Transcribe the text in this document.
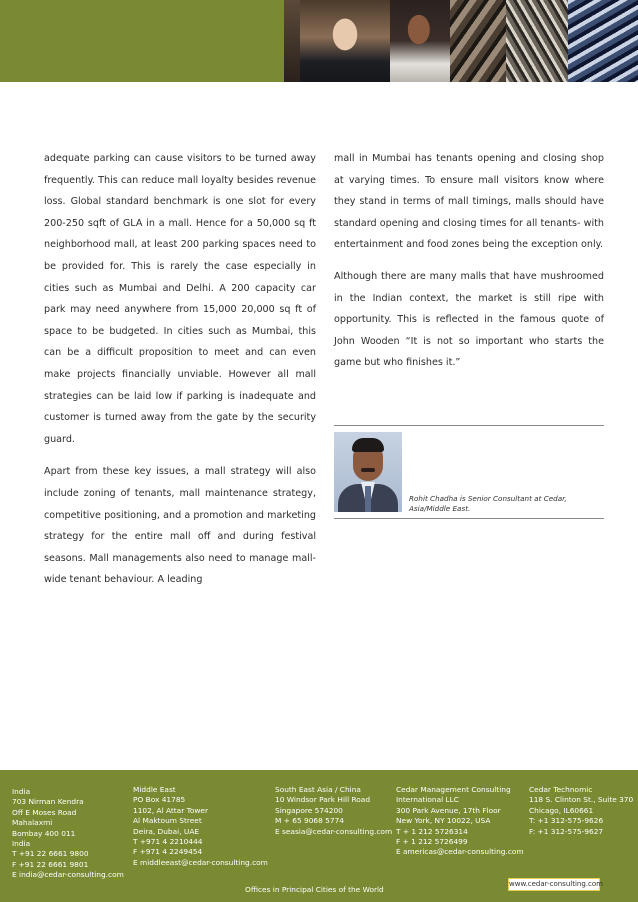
adequate parking can cause visitors to be turned away frequently. This can reduce mall loyalty besides revenue loss. Global standard benchmark is one slot for every 200-250 sqft of GLA in a mall. Hence for a 50,000 sq ft neighborhood mall, at least 200 parking spaces need to be provided for. This is rarely the case especially in cities such as Mumbai and Delhi. A 200 capacity car park may need anywhere from 15,000 20,000 sq ft of space to be budgeted. In cities such as Mumbai, this can be a difficult proposition to meet and can even make projects financially unviable. However all mall strategies can be laid low if parking is inadequate and customer is turned away from the gate by the security guard.

Apart from these key issues, a mall strategy will also include zoning of tenants, mall maintenance strategy, competitive positioning, and a promotion and marketing strategy for the entire mall off and during festival seasons. Mall managements also need to manage mall-wide tenant behaviour. A leading

mall in Mumbai has tenants opening and closing shop at varying times. To ensure mall visitors know where they stand in terms of mall timings, malls should have standard opening and closing times for all tenants- with entertainment and food zones being the exception only.

Although there are many malls that have mushroomed in the Indian context, the market is still ripe with opportunity. This is reflected in the famous quote of John Wooden “It is not so important who starts the game but who finishes it.”

Rohit Chadha is Senior Consultant at Cedar,
Asia/Middle East.
India
703 Nirman Kendra
Off E Moses Road
Mahalaxmi
Bombay 400 011
India
T +91 22 6661 9800
F +91 22 6661 9801
E india@cedar-consulting.com
Middle East
PO Box 41785
1102, Al Attar Tower
Al Maktoum Street
Deira, Dubai, UAE
T +971 4 2210444
F +971 4 2249454
E middleeast@cedar-consulting.com
South East Asia / China
10 Windsor Park Hill Road
Singapore 574200
M + 65 9068 5774
E seasia@cedar-consulting.com
Cedar Management Consulting
International LLC
300 Park Avenue, 17th Floor
New York, NY 10022, USA
T + 1 212 5726314
F + 1 212 5726499
E americas@cedar-consulting.com
Cedar Technomic
118 S. Clinton St., Suite 370
Chicago, IL60661
T: +1 312-575-9626
F: +1 312-575-9627
Offices in Principal Cities of the World
www.cedar-consulting.com
